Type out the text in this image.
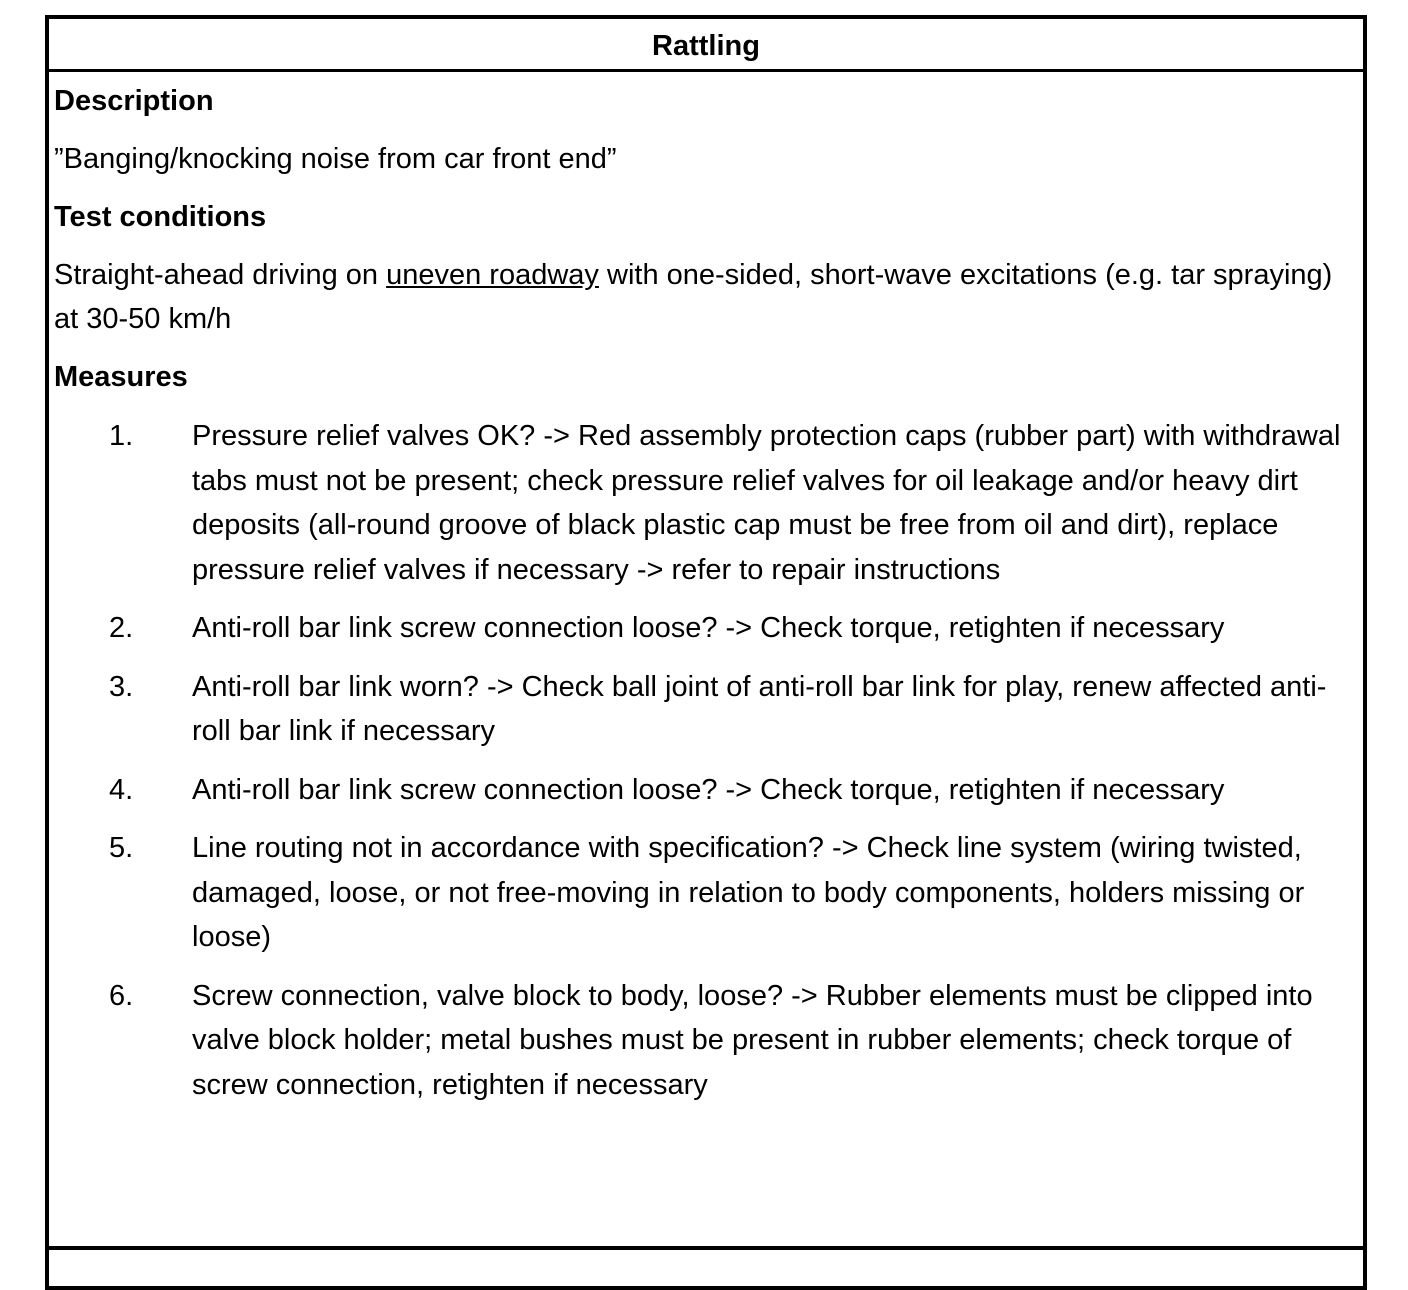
Rattling
Description
”Banging/knocking noise from car front end”
Test conditions
Straight-ahead driving on uneven roadway with one-sided, short-wave excitations (e.g. tar spraying) at 30-50 km/h
Measures
1.	Pressure relief valves OK? -> Red assembly protection caps (rubber part) with withdrawal tabs must not be present; check pressure relief valves for oil leakage and/or heavy dirt deposits (all-round groove of black plastic cap must be free from oil and dirt), replace pressure relief valves if necessary -> refer to repair instructions
2.	Anti-roll bar link screw connection loose? -> Check torque, retighten if necessary
3.	Anti-roll bar link worn? -> Check ball joint of anti-roll bar link for play, renew affected anti-roll bar link if necessary
4.	Anti-roll bar link screw connection loose? -> Check torque, retighten if necessary
5.	Line routing not in accordance with specification? -> Check line system (wiring twisted, damaged, loose, or not free-moving in relation to body components, holders missing or loose)
6.	Screw connection, valve block to body, loose? -> Rubber elements must be clipped into valve block holder; metal bushes must be present in rubber elements; check torque of screw connection, retighten if necessary
